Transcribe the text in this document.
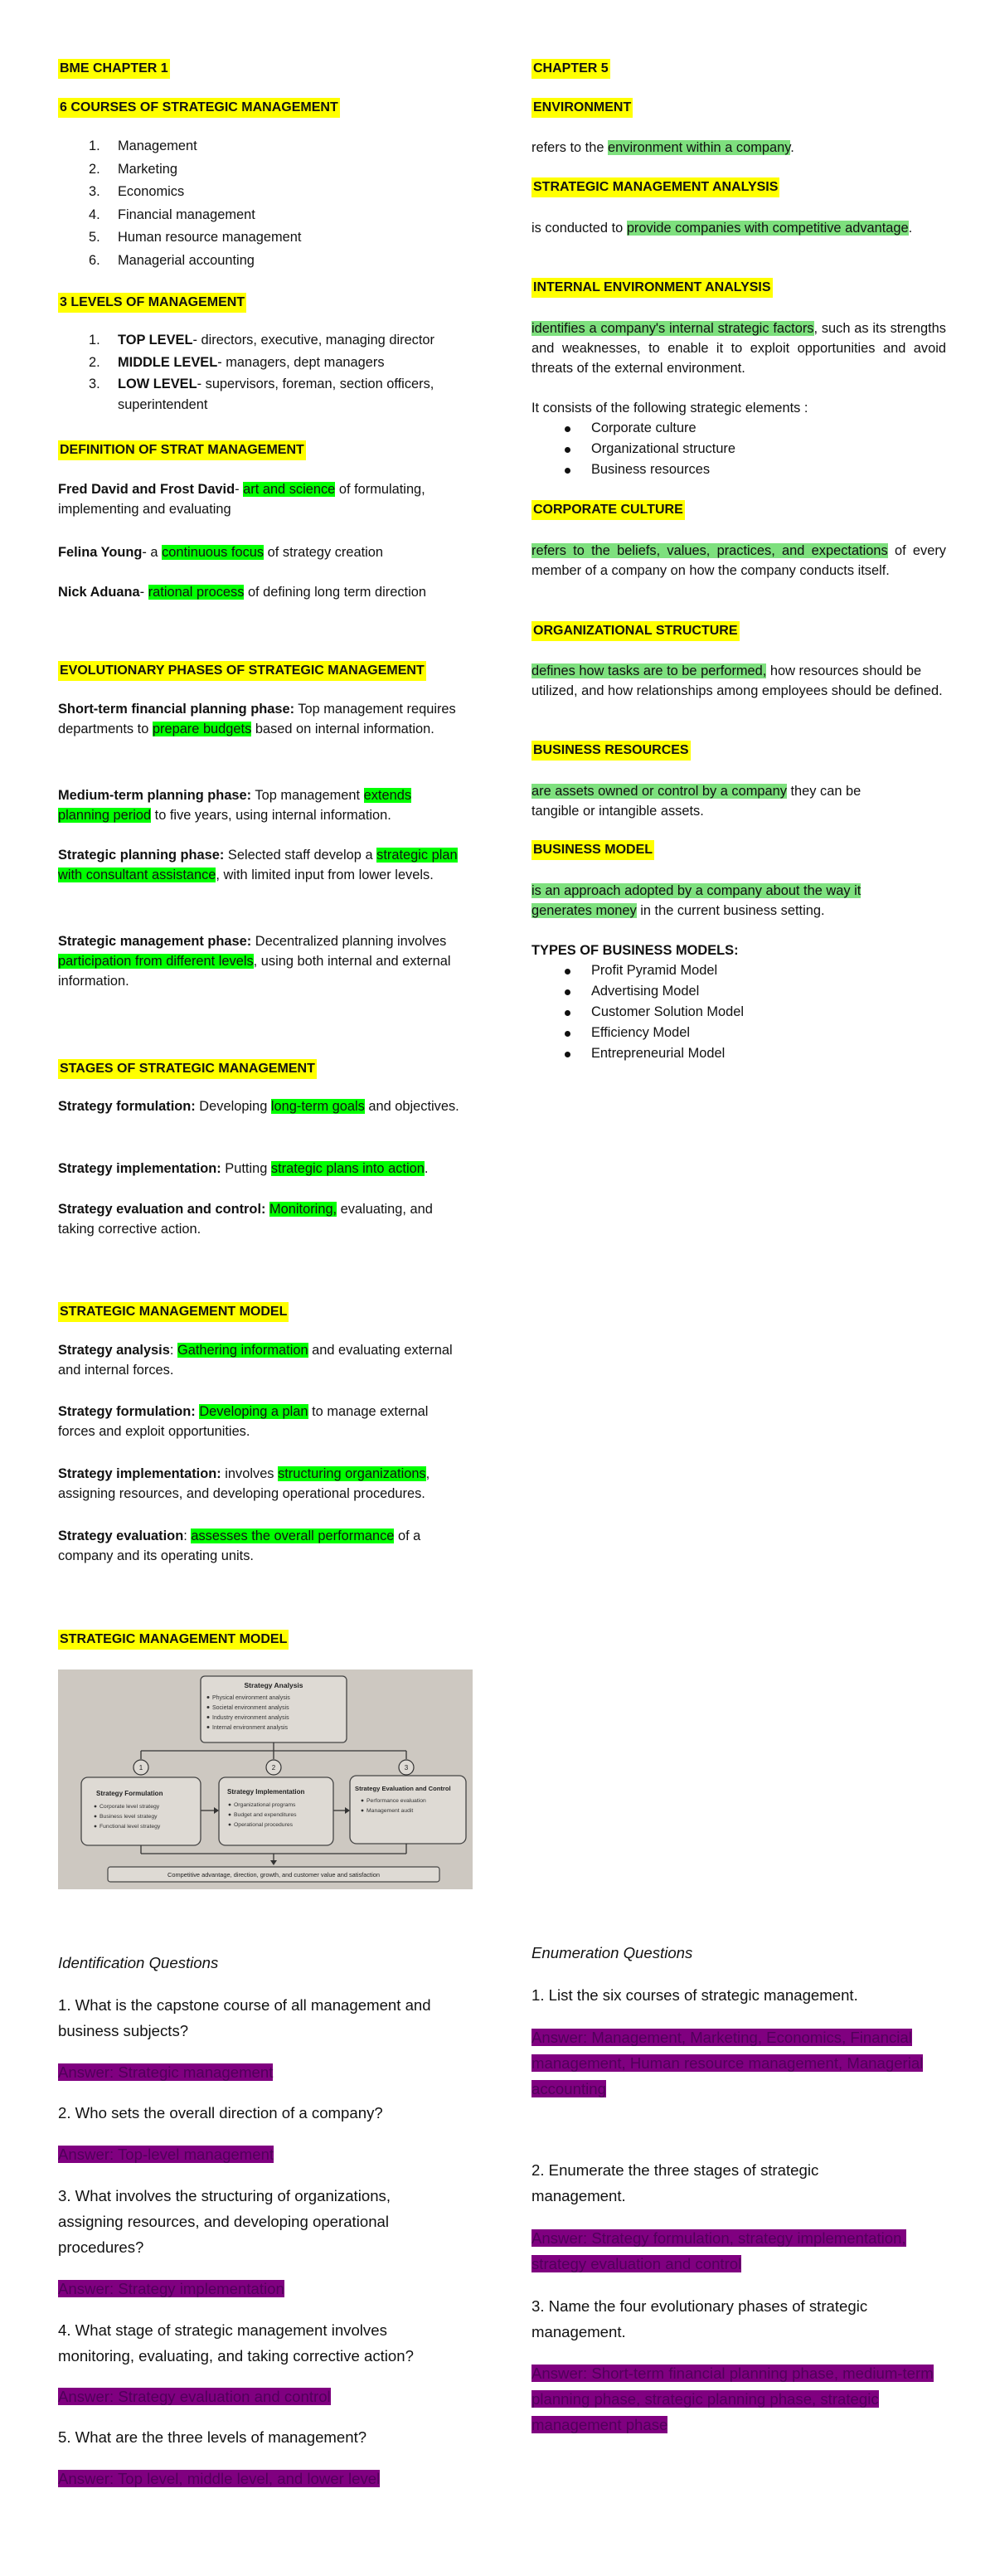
BME CHAPTER 1
6 COURSES OF STRATEGIC MANAGEMENT
1. Management
2. Marketing
3. Economics
4. Financial management
5. Human resource management
6. Managerial accounting
3 LEVELS OF MANAGEMENT
1. TOP LEVEL- directors, executive, managing director
2. MIDDLE LEVEL- managers, dept managers
3. LOW LEVEL- supervisors, foreman, section officers, superintendent
DEFINITION OF STRAT MANAGEMENT
Fred David and Frost David- art and science of formulating, implementing and evaluating
Felina Young- a continuous focus of strategy creation
Nick Aduana- rational process of defining long term direction
EVOLUTIONARY PHASES OF STRATEGIC MANAGEMENT
Short-term financial planning phase: Top management requires departments to prepare budgets based on internal information.
Medium-term planning phase: Top management extends planning period to five years, using internal information.
Strategic planning phase: Selected staff develop a strategic plan with consultant assistance, with limited input from lower levels.
Strategic management phase: Decentralized planning involves participation from different levels, using both internal and external information.
STAGES OF STRATEGIC MANAGEMENT
Strategy formulation: Developing long-term goals and objectives.
Strategy implementation: Putting strategic plans into action.
Strategy evaluation and control: Monitoring, evaluating, and taking corrective action.
STRATEGIC MANAGEMENT MODEL
Strategy analysis: Gathering information and evaluating external and internal forces.
Strategy formulation: Developing a plan to manage external forces and exploit opportunities.
Strategy implementation: involves structuring organizations, assigning resources, and developing operational procedures.
Strategy evaluation: assesses the overall performance of a company and its operating units.
STRATEGIC MANAGEMENT MODEL
Strategy Analysis
Physical environment analysis
Societal environment analysis
Industry environment analysis
Internal environment analysis
1	2	3
Strategy Formulation
Corporate level strategy
Business level strategy
Functional level strategy
Strategy Implementation
Organizational programs
Budget and expenditures
Operational procedures
Strategy Evaluation and Control
Performance evaluation
Management audit
Competitive advantage, direction, growth, and customer value and satisfaction
Identification Questions
1. What is the capstone course of all management and business subjects?
Answer: Strategic management
2. Who sets the overall direction of a company?
Answer: Top-level management
3. What involves the structuring of organizations, assigning resources, and developing operational procedures?
Answer: Strategy implementation
4. What stage of strategic management involves monitoring, evaluating, and taking corrective action?
Answer: Strategy evaluation and control
5. What are the three levels of management?
Answer: Top level, middle level, and lower level
CHAPTER 5
ENVIRONMENT
refers to the environment within a company.
STRATEGIC MANAGEMENT ANALYSIS
is conducted to provide companies with competitive advantage.
INTERNAL ENVIRONMENT ANALYSIS
identifies a company's internal strategic factors, such as its strengths and weaknesses, to enable it to exploit opportunities and avoid threats of the external environment.
It consists of the following strategic elements :
Corporate culture
Organizational structure
Business resources
CORPORATE CULTURE
refers to the beliefs, values, practices, and expectations of every member of a company on how the company conducts itself.
ORGANIZATIONAL STRUCTURE
defines how tasks are to be performed, how resources should be utilized, and how relationships among employees should be defined.
BUSINESS RESOURCES
are assets owned or control by a company they can be tangible or intangible assets.
BUSINESS MODEL
is an approach adopted by a company about the way it generates money in the current business setting.
TYPES OF BUSINESS MODELS:
Profit Pyramid Model
Advertising Model
Customer Solution Model
Efficiency Model
Entrepreneurial Model
Enumeration Questions
1. List the six courses of strategic management.
Answer: Management, Marketing, Economics, Financial management, Human resource management, Managerial accounting
2. Enumerate the three stages of strategic management.
Answer: Strategy formulation, strategy implementation, strategy evaluation and control
3. Name the four evolutionary phases of strategic management.
Answer: Short-term financial planning phase, medium-term planning phase, strategic planning phase, strategic management phase
